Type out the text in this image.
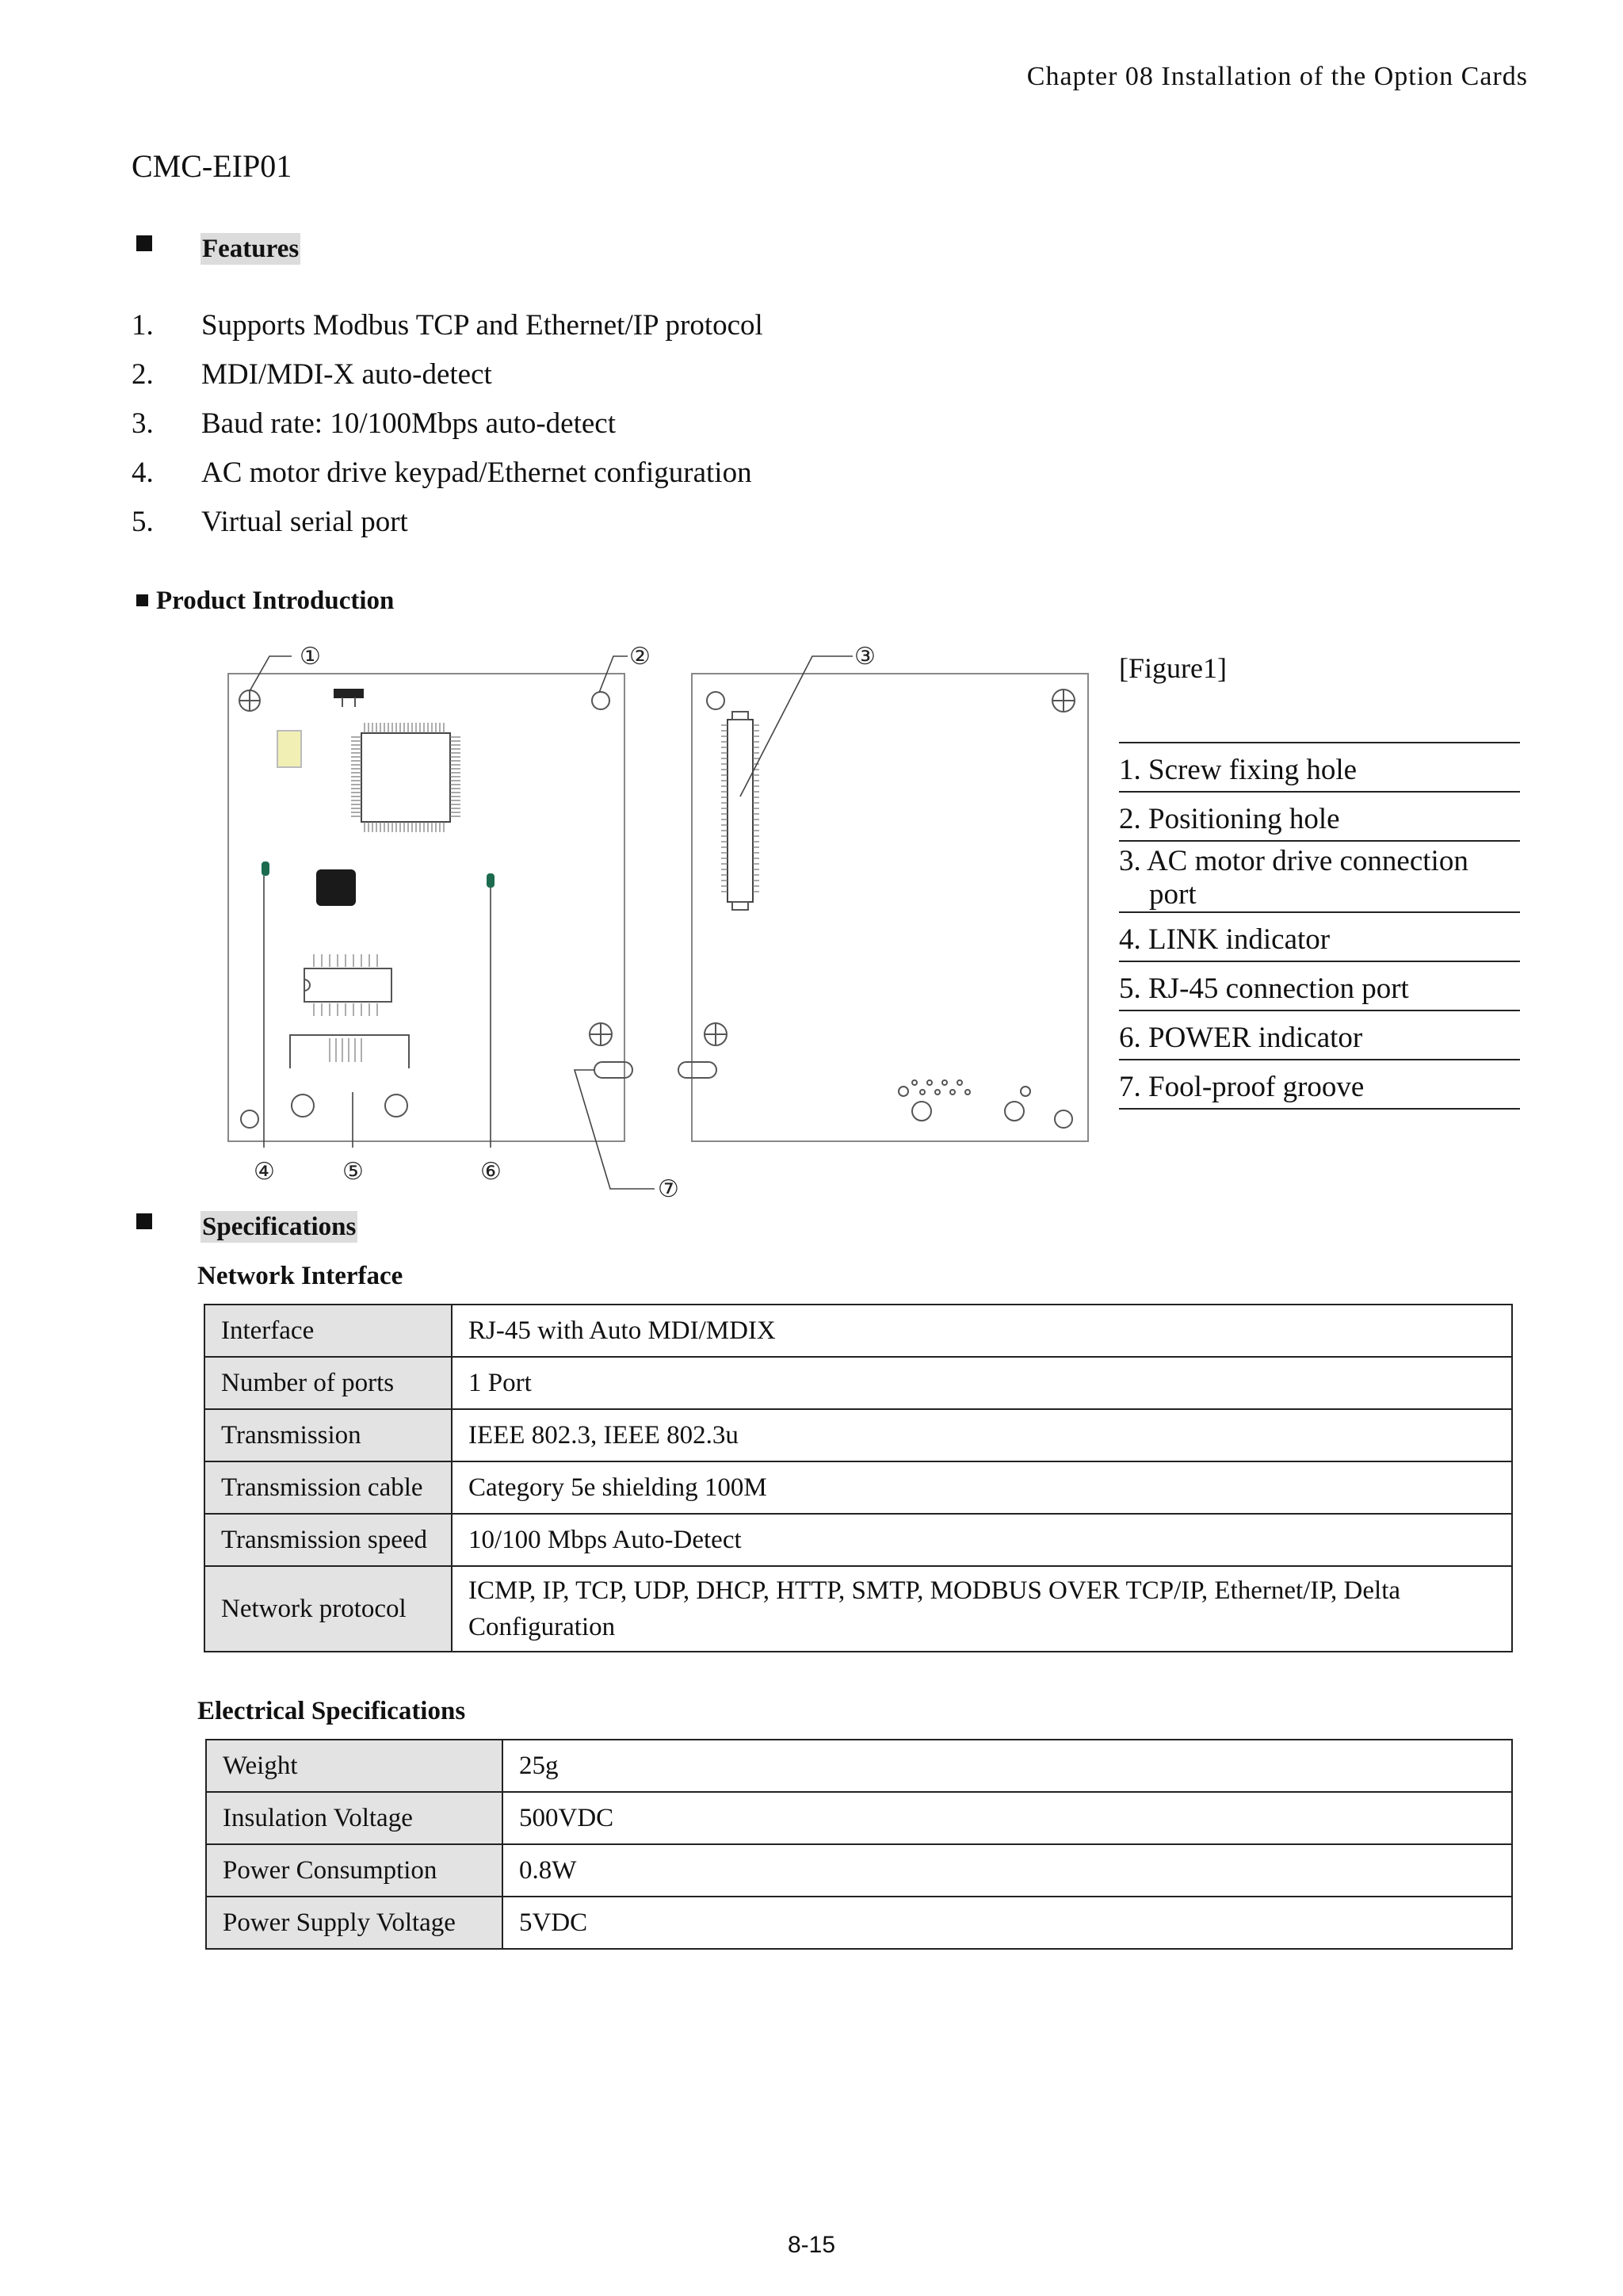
Chapter 08 Installation of the Option Cards
CMC-EIP01
Features
1.	Supports Modbus TCP and Ethernet/IP protocol
2.	MDI/MDI-X auto-detect
3.	Baud rate: 10/100Mbps auto-detect
4.	AC motor drive keypad/Ethernet configuration
5.	Virtual serial port
Product Introduction
①	②	③
④	⑤	⑥
⑦
[Figure1]
1. Screw fixing hole
2. Positioning hole
3. AC motor drive connection
port
4. LINK indicator
5. RJ-45 connection port
6. POWER indicator
7. Fool-proof groove
Specifications
Network Interface
Interface	RJ-45 with Auto MDI/MDIX
Number of ports	1 Port
Transmission	IEEE 802.3, IEEE 802.3u
Transmission cable	Category 5e shielding 100M
Transmission speed	10/100 Mbps Auto-Detect
Network protocol	ICMP, IP, TCP, UDP, DHCP, HTTP, SMTP, MODBUS OVER TCP/IP, Ethernet/IP, Delta
Configuration
Electrical Specifications
Weight	25g
Insulation Voltage	500VDC
Power Consumption	0.8W
Power Supply Voltage	5VDC
8-15
